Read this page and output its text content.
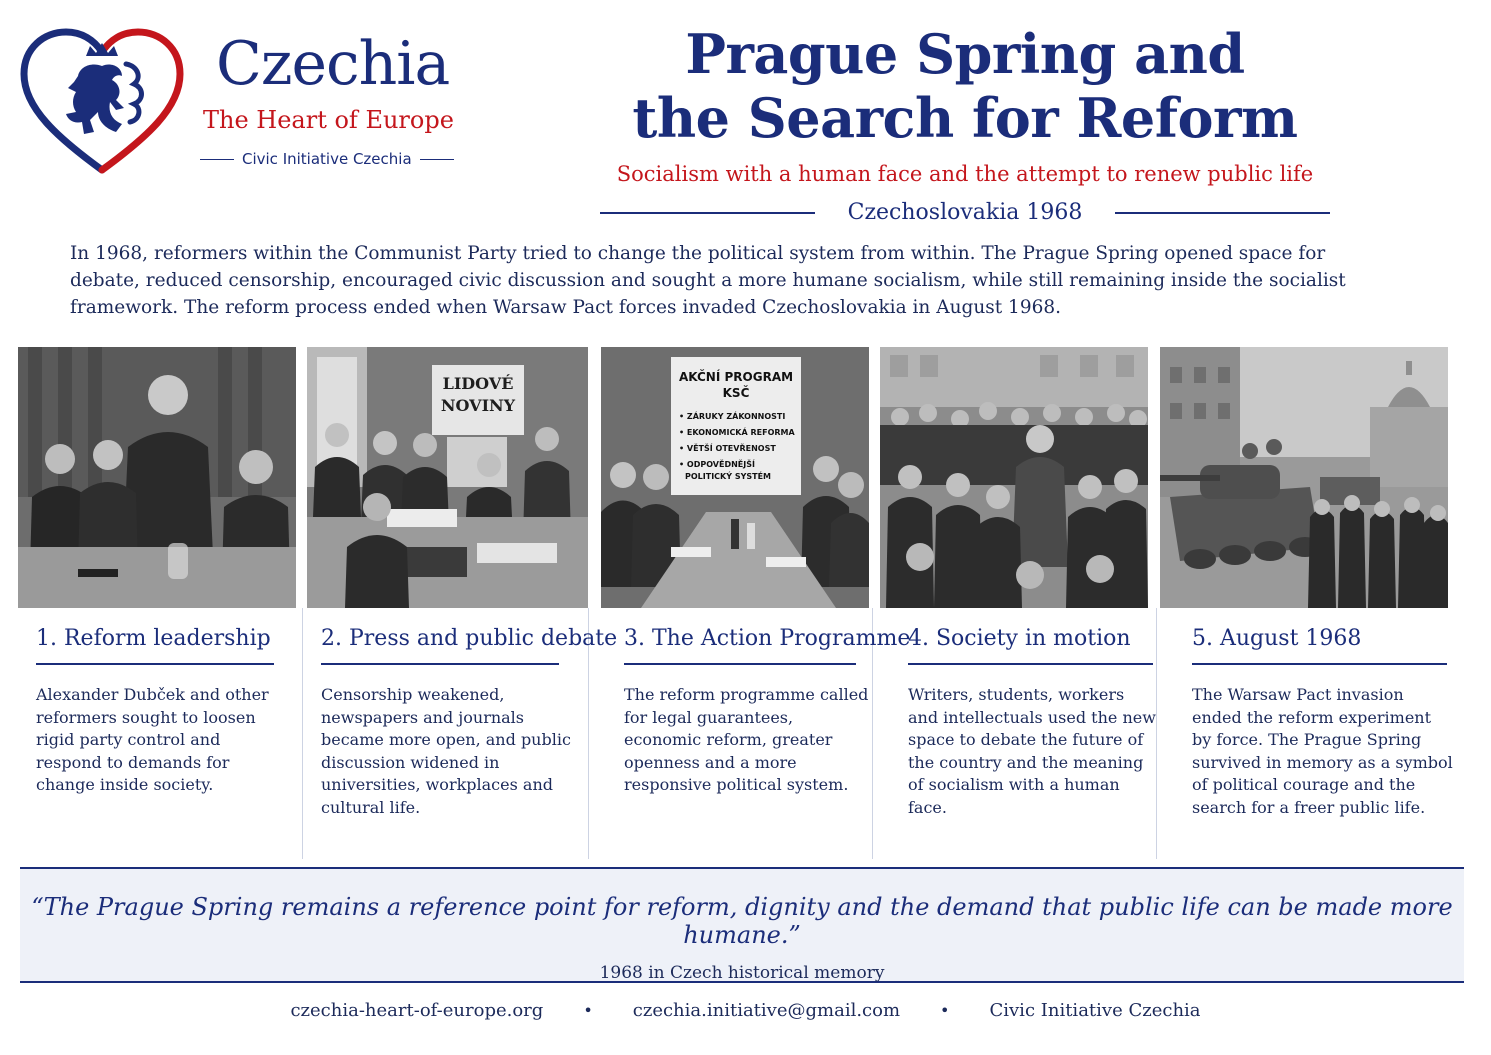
Czechia
The Heart of Europe
Civic Initiative Czechia
Prague Spring and
the Search for Reform
Socialism with a human face and the attempt to renew public life
Czechoslovakia 1968
In 1968, reformers within the Communist Party tried to change the political system from within. The Prague Spring opened space for debate, reduced censorship, encouraged civic discussion and sought a more humane socialism, while still remaining inside the socialist framework. The reform process ended when Warsaw Pact forces invaded Czechoslovakia in August 1968.
1. Reform leadership

Alexander Dubček and other reformers sought to loosen rigid party control and respond to demands for change inside society.

LIDOVÉ
NOVINY
2. Press and public debate

Censorship weakened, newspapers and journals became more open, and public discussion widened in universities, workplaces and cultural life.

AKČNÍ PROGRAM
KSČ
• ZÁRUKY ZÁKONNOSTI
• EKONOMICKÁ REFORMA
• VĚTŠÍ OTEVŘENOST
• ODPOVĚDNĚJŠÍ
POLITICKÝ SYSTÉM
3. The Action Programme

The reform programme called for legal guarantees, economic reform, greater openness and a more responsive political system.

4. Society in motion

Writers, students, workers and intellectuals used the new space to debate the future of the country and the meaning of socialism with a human face.

5. August 1968

The Warsaw Pact invasion ended the reform experiment by force. The Prague Spring survived in memory as a symbol of political courage and the search for a freer public life.

“The Prague Spring remains a reference point for reform, dignity and the demand that public life can be made more humane.”
1968 in Czech historical memory
czechia-heart-of-europe.org	• czechia.initiative@gmail.com	• Civic Initiative Czechia
